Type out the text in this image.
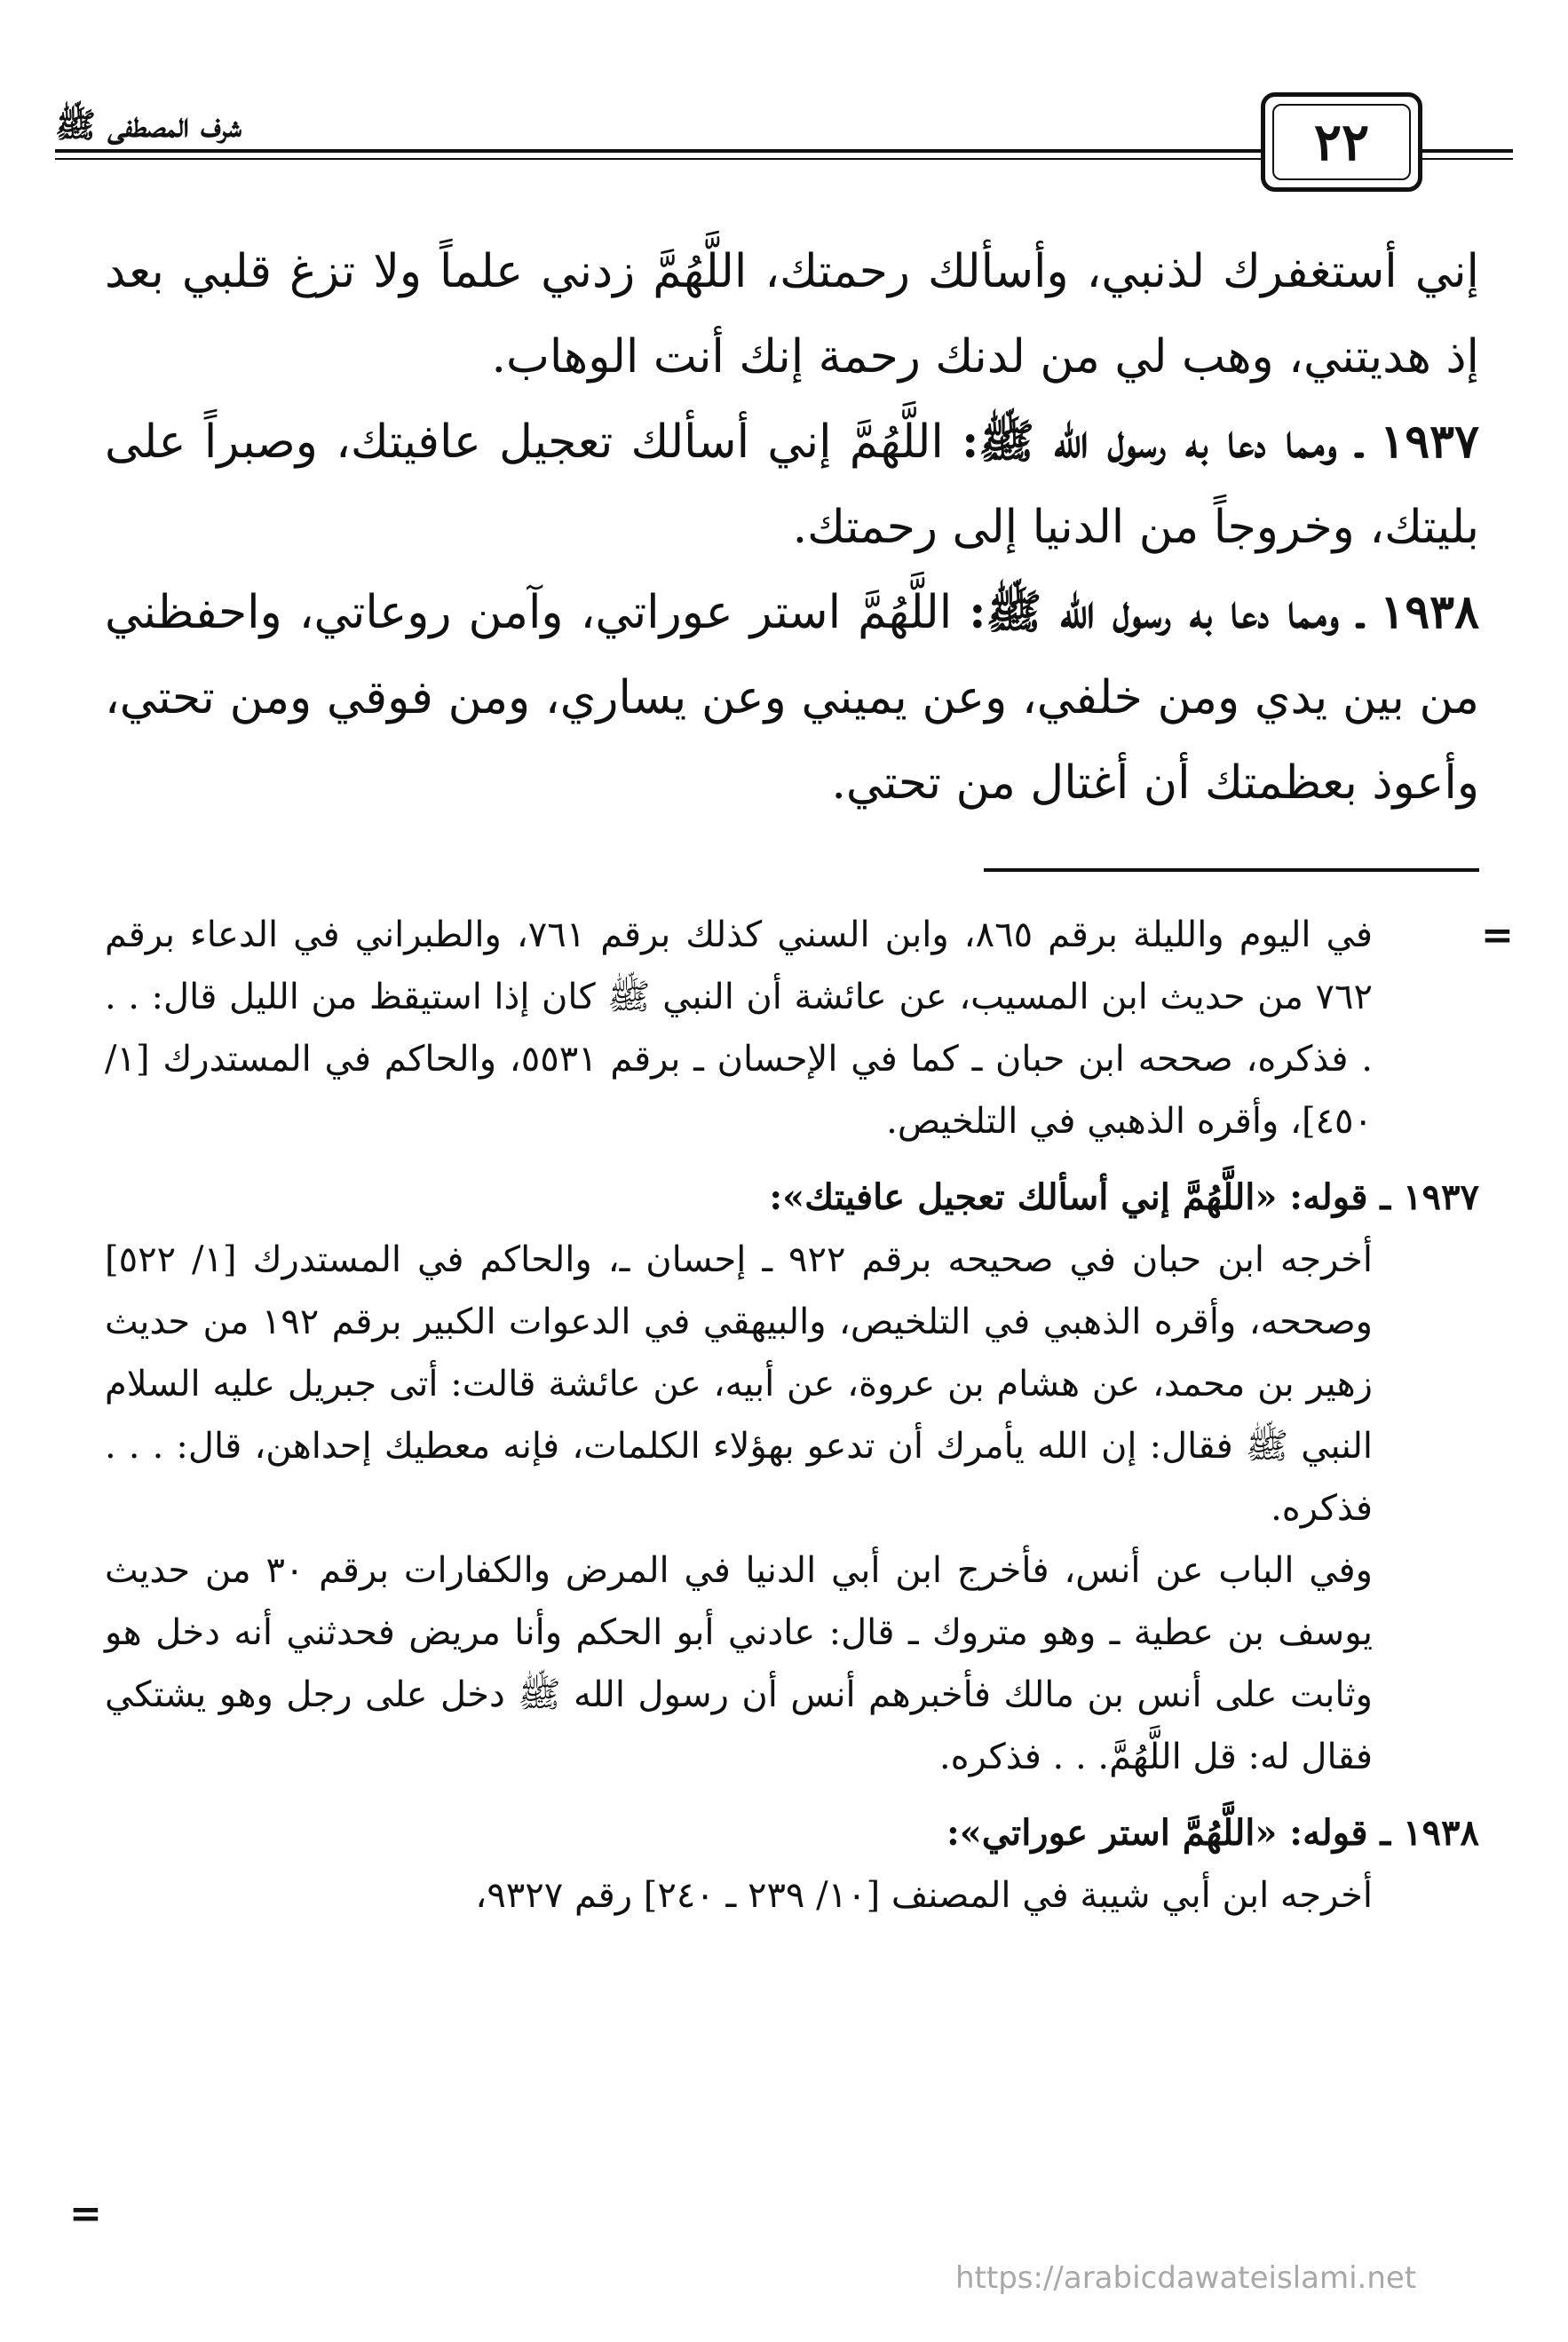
شرف المصطفى ﷺ	٢٢

إني أستغفرك لذنبي، وأسألك رحمتك، اللَّهُمَّ زدني علماً ولا تزغ قلبي بعد إذ هديتني، وهب لي من لدنك رحمة إنك أنت الوهاب.

١٩٣٧ ـ ومما دعا به رسول الله ﷺ: اللَّهُمَّ إني أسألك تعجيل عافيتك، وصبراً على بليتك، وخروجاً من الدنيا إلى رحمتك.

١٩٣٨ ـ ومما دعا به رسول الله ﷺ: اللَّهُمَّ استر عوراتي، وآمن روعاتي، واحفظني من بين يدي ومن خلفي، وعن يميني وعن يساري، ومن فوقي ومن تحتي، وأعوذ بعظمتك أن أغتال من تحتي.

=

في اليوم والليلة برقم ٨٦٥، وابن السني كذلك برقم ٧٦١، والطبراني في الدعاء برقم ٧٦٢ من حديث ابن المسيب، عن عائشة أن النبي ﷺ كان إذا استيقظ من الليل قال: . . . فذكره، صححه ابن حبان ـ كما في الإحسان ـ برقم ٥٥٣١، والحاكم في المستدرك [١/ ٤٥٠]، وأقره الذهبي في التلخيص.

١٩٣٧ ـ قوله: «اللَّهُمَّ إني أسألك تعجيل عافيتك»:

أخرجه ابن حبان في صحيحه برقم ٩٢٢ ـ إحسان ـ، والحاكم في المستدرك [١/ ٥٢٢] وصححه، وأقره الذهبي في التلخيص، والبيهقي في الدعوات الكبير برقم ١٩٢ من حديث زهير بن محمد، عن هشام بن عروة، عن أبيه، عن عائشة قالت: أتى جبريل عليه السلام النبي ﷺ فقال: إن الله يأمرك أن تدعو بهؤلاء الكلمات، فإنه معطيك إحداهن، قال: . . . فذكره.

وفي الباب عن أنس، فأخرج ابن أبي الدنيا في المرض والكفارات برقم ٣٠ من حديث يوسف بن عطية ـ وهو متروك ـ قال: عادني أبو الحكم وأنا مريض فحدثني أنه دخل هو وثابت على أنس بن مالك فأخبرهم أنس أن رسول الله ﷺ دخل على رجل وهو يشتكي فقال له: قل اللَّهُمَّ. . . فذكره.

١٩٣٨ ـ قوله: «اللَّهُمَّ استر عوراتي»:

أخرجه ابن أبي شيبة في المصنف [١٠/ ٢٣٩ ـ ٢٤٠] رقم ٩٣٢٧،

=
https://arabicdawateislami.net
